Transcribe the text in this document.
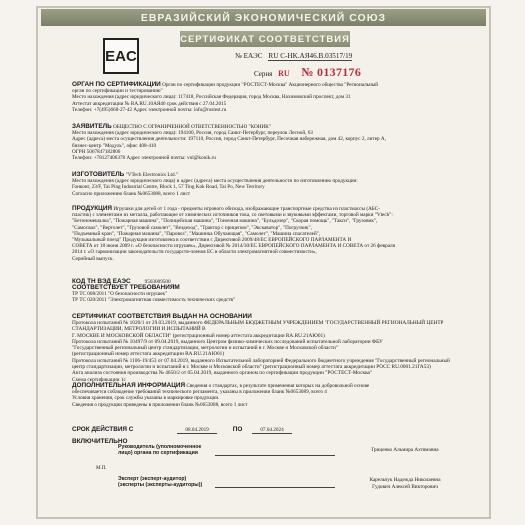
ЕВРАЗИЙСКИЙ ЭКОНОМИЧЕСКИЙ СОЮЗ
СЕРТИФИКАТ СООТВЕТСТВИЯ
EAC	№ ЕАЭС RU C-HK.АЯ46.В.03517/19
Серия RU № 0137176
ОРГАН ПО СЕРТИФИКАЦИИ Орган по сертификации продукции "РОСТЕСТ-Москва" Акционерного общества "Региональный
орган по сертификации и тестированию"
Место нахождения (адрес юридического лица): 117418, Российская Федерация, город Москва, Нахимовский проспект, дом 31
Аттестат аккредитации № RA.RU.10АЯ46 срок действия с 27.04.2015
Телефон: +7(495)668-27-42 Адрес электронной почты: info@rostest.ru
ЗАЯВИТЕЛЬ ОБЩЕСТВО С ОГРАНИЧЕННОЙ ОТВЕТСТВЕННОСТЬЮ "КОНИК"
Место нахождения (адрес юридического лица): 194100, Россия, город Санкт-Петербург, переулок Лесной, 63
Адрес (адреса) места осуществления деятельности: 197110, Россия, город Санкт-Петербург, Песочная набережная, дом 42, корпус 2, литер А,
бизнес-центр "Модуль", офис 408-410
ОГРН 5067847182806
Телефон: +78127406378 Адрес электронной почты: vnl@konik.ru
ИЗГОТОВИТЕЛЬ "VTech Electronics Ltd."
Место нахождения (адрес юридического лица) и адрес (адреса) места осуществления деятельности по изготовлению продукции:
Гонконг, 23/F, Tai Ping Industrial Centre, Block 1, 57 Ting Kok Road, Tai Po, New Territory
Согласно приложению бланк №0653088, всего 1 лист
ПРОДУКЦИЯ Игрушки для детей от 1 года - предметы игрового обихода, изображающие транспортные средства из пластмассы (АБС-
пластик) с элементами из металла, работающие от химических источников тока, со световыми и звуковыми эффектами, торговой марки "Vtech":
"Бетономешалка", "Пожарная машина", "Полицейская машина", "Гоночная машина", "Бульдозер", "Скорая помощь", "Такси", "Грузовик",
"Самосвал", "Вертолет", "Грузовой самолет", "Вездеход", "Трактор с прицепом", "Экскаватор", "Погрузчик",
"Подъемный кран", "Пожарная машина", "Паровоз", "Машинка Обучающая", "Самолет", "Машина спасателей",
"Музыкальный поезд" Продукция изготовлена в соответствии с Директивой 2009/48/ЕС ЕВРОПЕЙСКОГО ПАРЛАМЕНТА И
СОВЕТА от 18 июня 2009 г. «О безопасности игрушек», Директивой № 2014/30/ЕС ЕВРОПЕЙСКОГО ПАРЛАМЕНТА И СОВЕТА от 26 февраля
2014 г. «О гармонизации законодательств государств-членов ЕС в области электромагнитной совместимости»,
Серийный выпуск.
КОД ТН ВЭД ЕАЭС	9503009500
СООТВЕТСТВУЕТ ТРЕБОВАНИЯМ
ТР ТС 008/2011 "О безопасности игрушек"
ТР ТС 020/2011 "Электромагнитная совместимость технических средств"
СЕРТИФИКАТ СООТВЕТСТВИЯ ВЫДАН НА ОСНОВАНИИ
Протокола испытаний № 1020/1 от 29.03.2019, выданного ФЕДЕРАЛЬНЫМ БЮДЖЕТНЫМ УЧРЕЖДЕНИЕМ "ГОСУДАРСТВЕННЫЙ РЕГИОНАЛЬНЫЙ ЦЕНТР СТАНДАРТИЗАЦИИ, МЕТРОЛОГИИ И ИСПЫТАНИЙ В
Г. МОСКВЕ И МОСКОВСКОЙ ОБЛАСТИ" (регистрационный номер аттестата аккредитации RA.RU.21АЮ01)
Протокола испытаний № 10497/9 от 09.04.2019, выданного Центром физико-химических исследований испытательной лаборатории ФБУ
"Государственный региональный центр стандартизации, метрологии и испытаний в г. Москве и Московской области"
(регистрационный номер аттестата аккредитации RA.RU.21АЮ01)
Протокола испытаний № 1106-19/453 от 07.04.2019, выданного Испытательной лабораторией Федерального бюджетного учреждения "Государственный региональный
центр стандартизации, метрологии и испытаний в г. Москве и Московской области" (регистрационный номер аттестата аккредитации РОСС RU.0001.21ГА53)
Акта анализа состояния производства № 4650/2 от 05.04.2019, выданного органом по сертификации продукции "РОСТЕСТ-Москва"
Схема сертификации 1с
ДОПОЛНИТЕЛЬНАЯ ИНФОРМАЦИЯ Сведения о стандартах, в результате применения которых на добровольной основе
обеспечивается соблюдение требований технического регламента, указаны в приложении бланк №0653089, всего 4
Условия хранения, срок службы указаны в маркировке продукции.
Сведения о продукции приведены в приложении бланк №0653088, всего 1 лист
СРОК ДЕЙСТВИЯ С	08.04.2019	ПО	07.04.2024
ВКЛЮЧИТЕЛЬНО
Руководитель (уполномоченное лицо) органа по сертификации	Гриценко Альмира Ахтямовна
М.П.
Эксперт (эксперт-аудитор) (эксперты (эксперты-аудиторы))
Карельчук Надежда Николаевна
Гудович Алексей Викторович
